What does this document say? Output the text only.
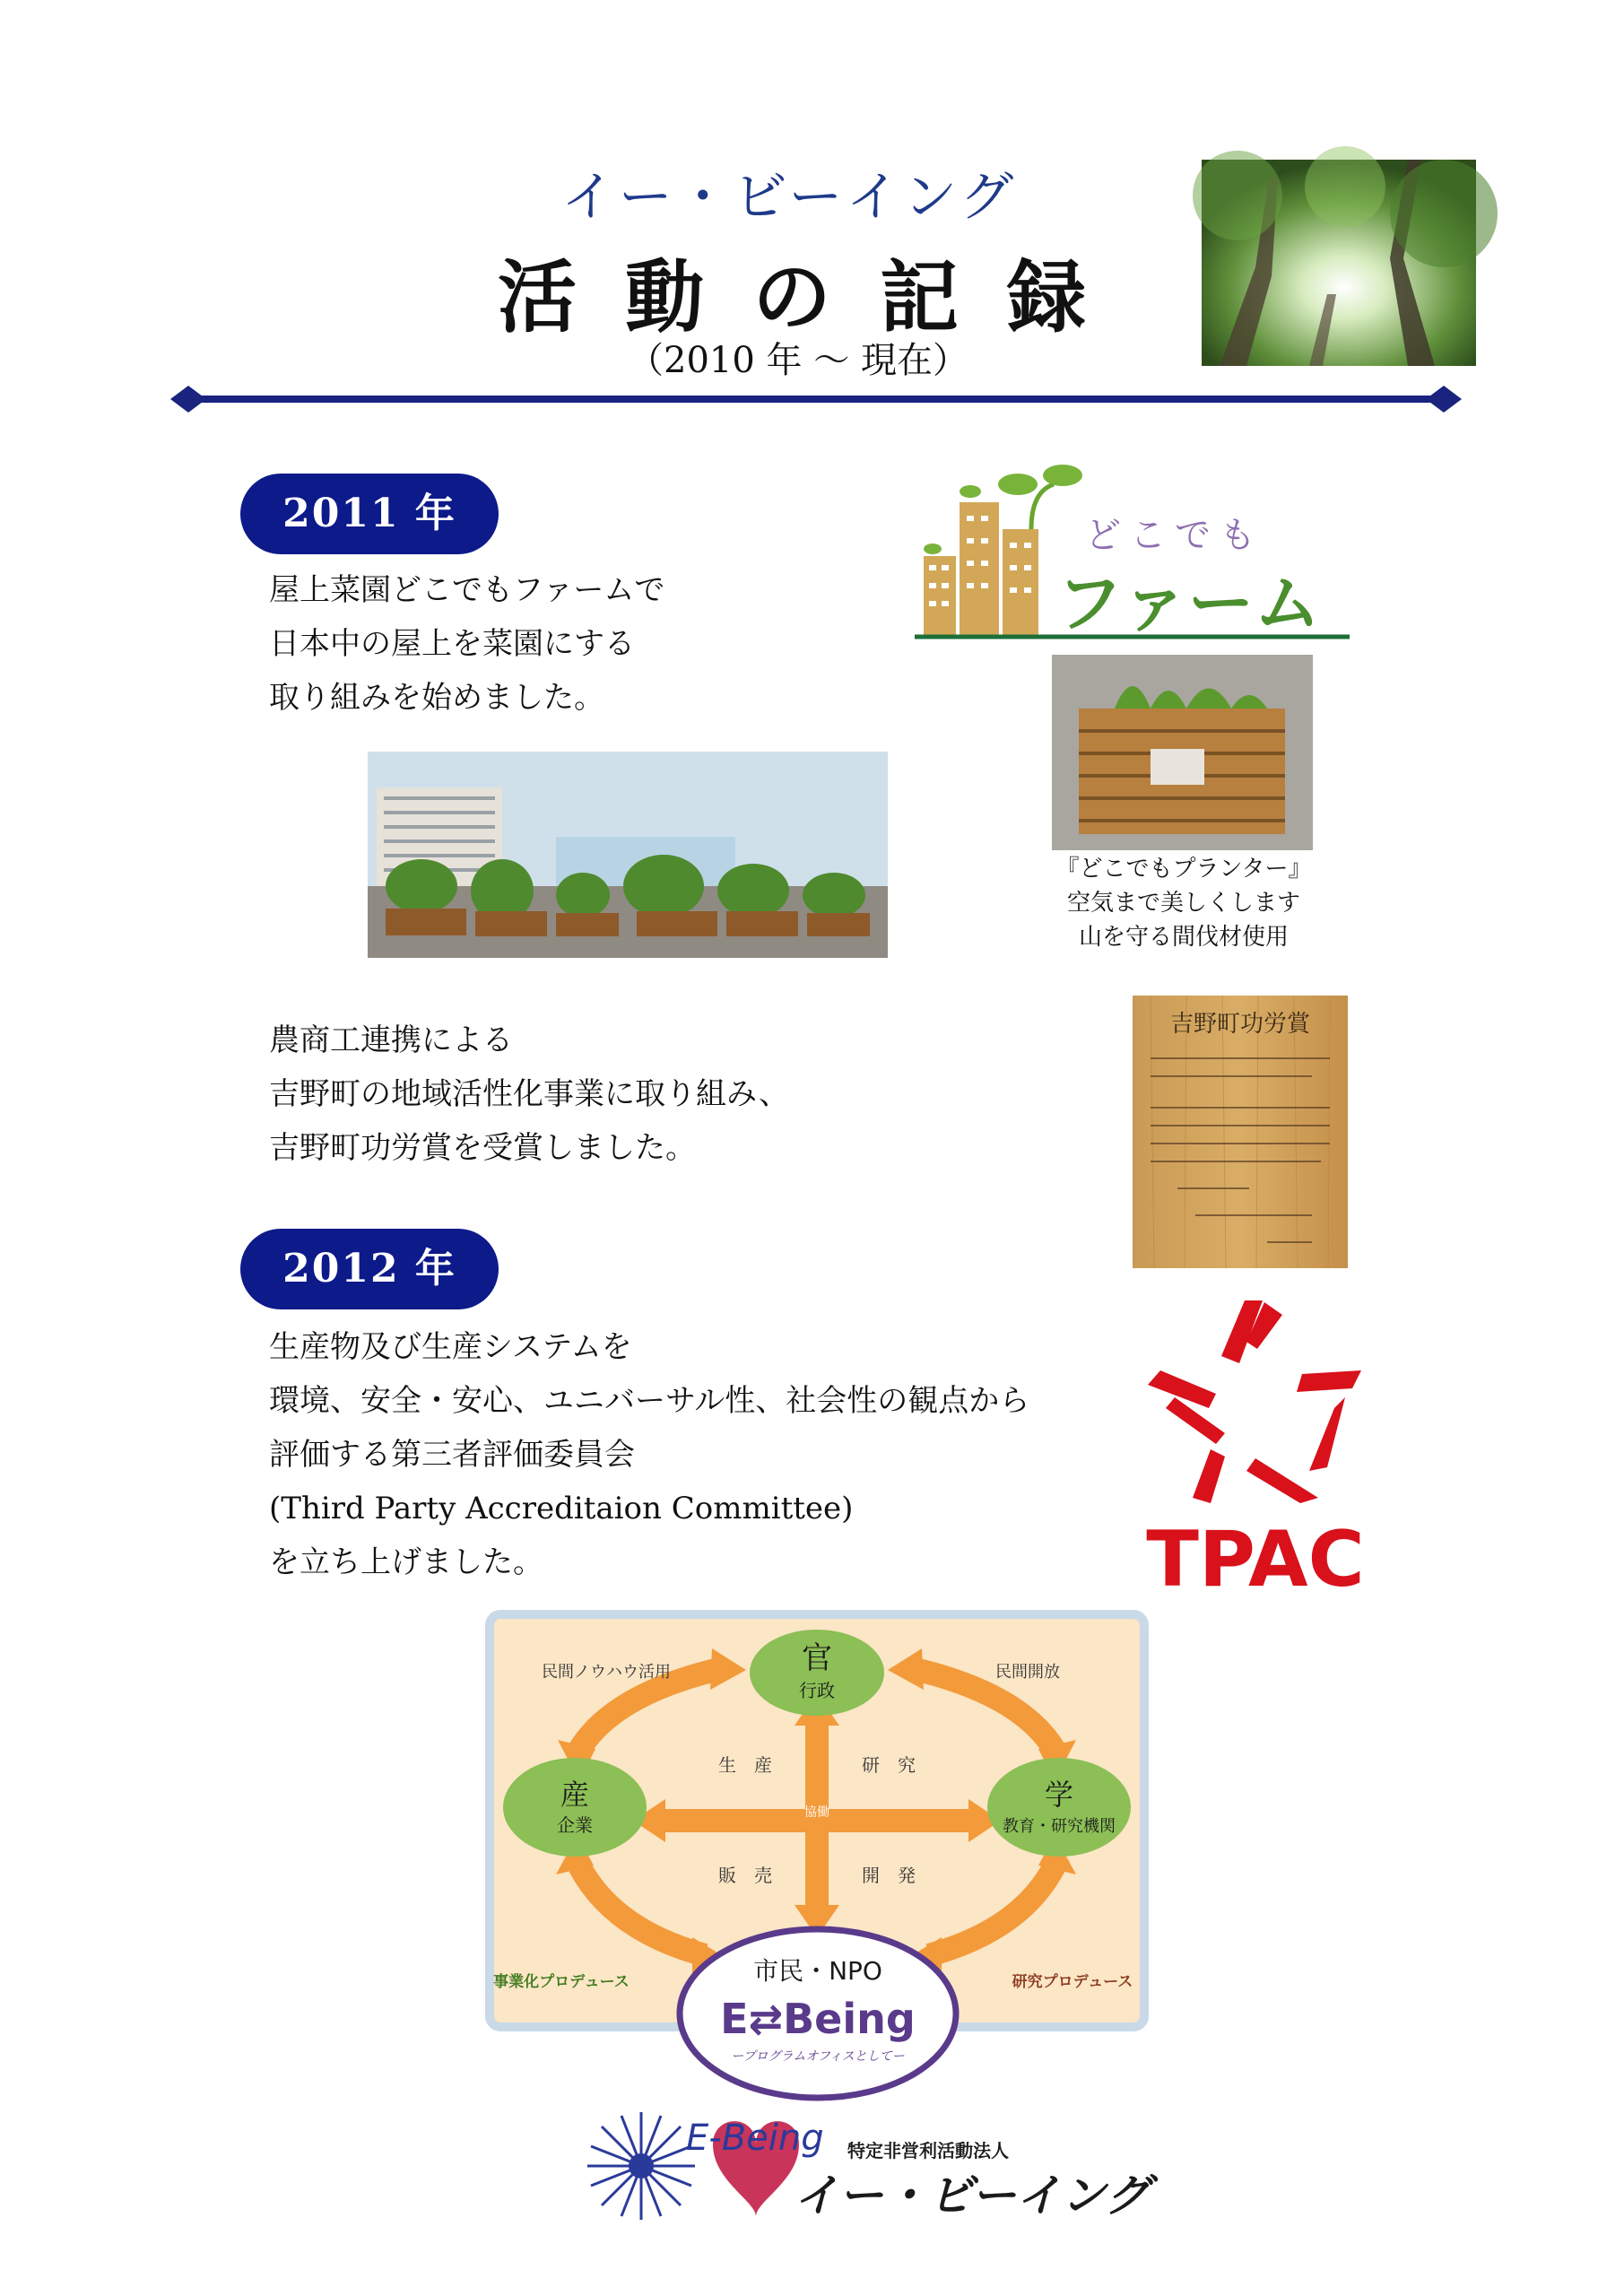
イー・ビーイング
活動の記録
（2010 年 〜 現在）
2011 年
屋上菜園どこでもファームで
日本中の屋上を菜園にする
取り組みを始めました。
どこでも
ファーム
『どこでもプランター』
空気まで美しくします
山を守る間伐材使用
農商工連携による
吉野町の地域活性化事業に取り組み、
吉野町功労賞を受賞しました。
吉野町功労賞
2012 年
生産物及び生産システムを
環境、安全・安心、ユニバーサル性、社会性の観点から
評価する第三者評価委員会
(Third Party Accreditaion Committee)
を立ち上げました。	TPAC
官
行政
産
企業
学
教育・研究機関
民間ノウハウ活用	民間開放
協働
生　産	研　究
販　売	開　発
事業化プロデュース	研究プロデュース
市民・NPO
E⇄Being
ープログラムオフィスとしてー
E-Being 特定非営利活動法人
イー・ビーイング
